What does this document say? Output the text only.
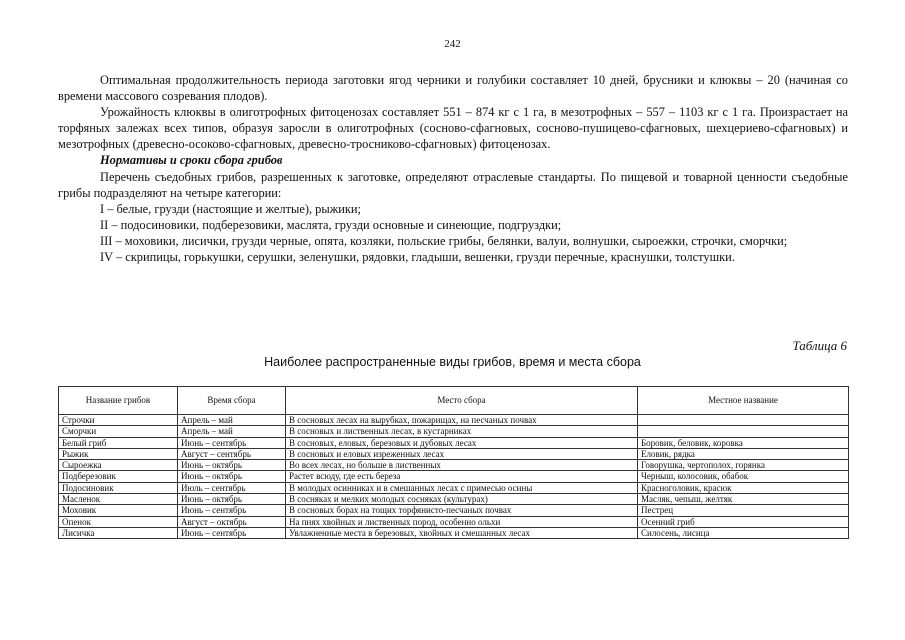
242

Оптимальная продолжительность периода заготовки ягод черники и голубики составляет 10 дней, брусники и клюквы – 20 (начиная со времени массового созревания плодов).

Урожайность клюквы в олиготрофных фитоценозах составляет 551 – 874 кг с 1 га, в мезотрофных – 557 – 1103 кг с 1 га. Произрастает на торфяных залежах всех типов, образуя заросли в олиготрофных (сосново-сфагновых, сосново-пушицево-сфагновых, шехцериево-сфагновых) и мезотрофных (древесно-осоково-сфагновых, древесно-тросниково-сфагновых) фитоценозах.

Нормативы и сроки сбора грибов

Перечень съедобных грибов, разрешенных к заготовке, определяют отраслевые стандарты. По пищевой и товарной ценности съедобные грибы подразделяют на четыре категории:

I – белые, грузди (настоящие и желтые), рыжики;

II – подосиновики, подберезовики, маслята, грузди основные и синеющие, подгруздки;

III – моховики, лисички, грузди черные, опята, козляки, польские грибы, белянки, валуи, волнушки, сыроежки, строчки, сморчки;

IV – скрипицы, горькушки, серушки, зеленушки, рядовки, гладыши, вешенки, грузди перечные, краснушки, толстушки.

Таблица 6
Наиболее распространенные виды грибов, время и места сбора
Название грибов	Время сбора	Место сбора	Местное название
Строчки	Апрель – май	В сосновых лесах на вырубках, пожарищах, на песчаных почвах	
Сморчки	Апрель – май	В сосновых и лиственных лесах, в кустарниках	
Белый гриб	Июнь – сентябрь	В сосновых, еловых, березовых и дубовых лесах	Боровик, беловик, коровка
Рыжик	Август – сентябрь	В сосновых и еловых изреженных лесах	Еловик, рядка
Сыроежка	Июнь – октябрь	Во всех лесах, но больше в лиственных	Говорушка, чертополох, горянка
Подберезовик	Июнь – октябрь	Растет всюду, где есть береза	Черныш, колосовик, обабок
Подосиновик	Июль – сентябрь	В молодых осинниках и в смешанных лесах с примесью осины	Красноголовик, красюк
Масленок	Июнь – октябрь	В сосняках и мелких молодых сосняках (культурах)	Масляк, чепыш, желтяк
Моховик	Июнь – сентябрь	В сосновых борах на тощих торфянисто-песчаных почвах	Пестрец
Опенок	Август – октябрь	На пнях хвойных и лиственных пород, особенно ольхи	Осенний гриб
Лисичка	Июнь – сентябрь	Увлажненные места в березовых, хвойных и смешанных лесах	Силосень, лисица
